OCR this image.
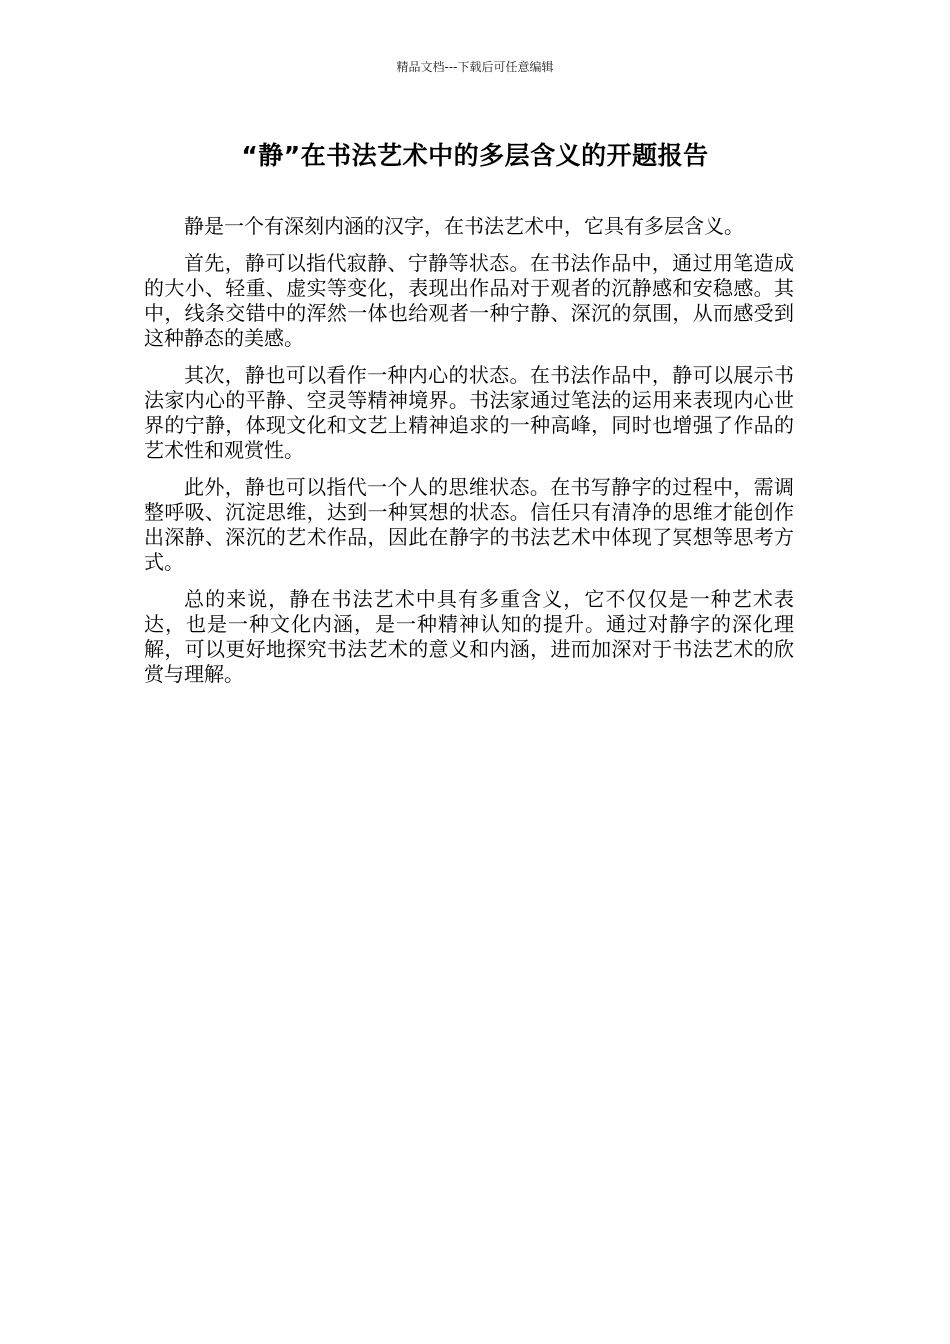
精品文档---下载后可任意编辑
“静”在书法艺术中的多层含义的开题报告

静是一个有深刻内涵的汉字，在书法艺术中，它具有多层含义。

首先，静可以指代寂静、宁静等状态。在书法作品中，通过用笔造成的大小、轻重、虚实等变化，表现出作品对于观者的沉静感和安稳感。其中，线条交错中的浑然一体也给观者一种宁静、深沉的氛围，从而感受到这种静态的美感。

其次，静也可以看作一种内心的状态。在书法作品中，静可以展示书法家内心的平静、空灵等精神境界。书法家通过笔法的运用来表现内心世界的宁静，体现文化和文艺上精神追求的一种高峰，同时也增强了作品的艺术性和观赏性。

此外，静也可以指代一个人的思维状态。在书写静字的过程中，需调整呼吸、沉淀思维，达到一种冥想的状态。信任只有清净的思维才能创作出深静、深沉的艺术作品，因此在静字的书法艺术中体现了冥想等思考方式。

总的来说，静在书法艺术中具有多重含义，它不仅仅是一种艺术表达，也是一种文化内涵，是一种精神认知的提升。通过对静字的深化理解，可以更好地探究书法艺术的意义和内涵，进而加深对于书法艺术的欣赏与理解。
